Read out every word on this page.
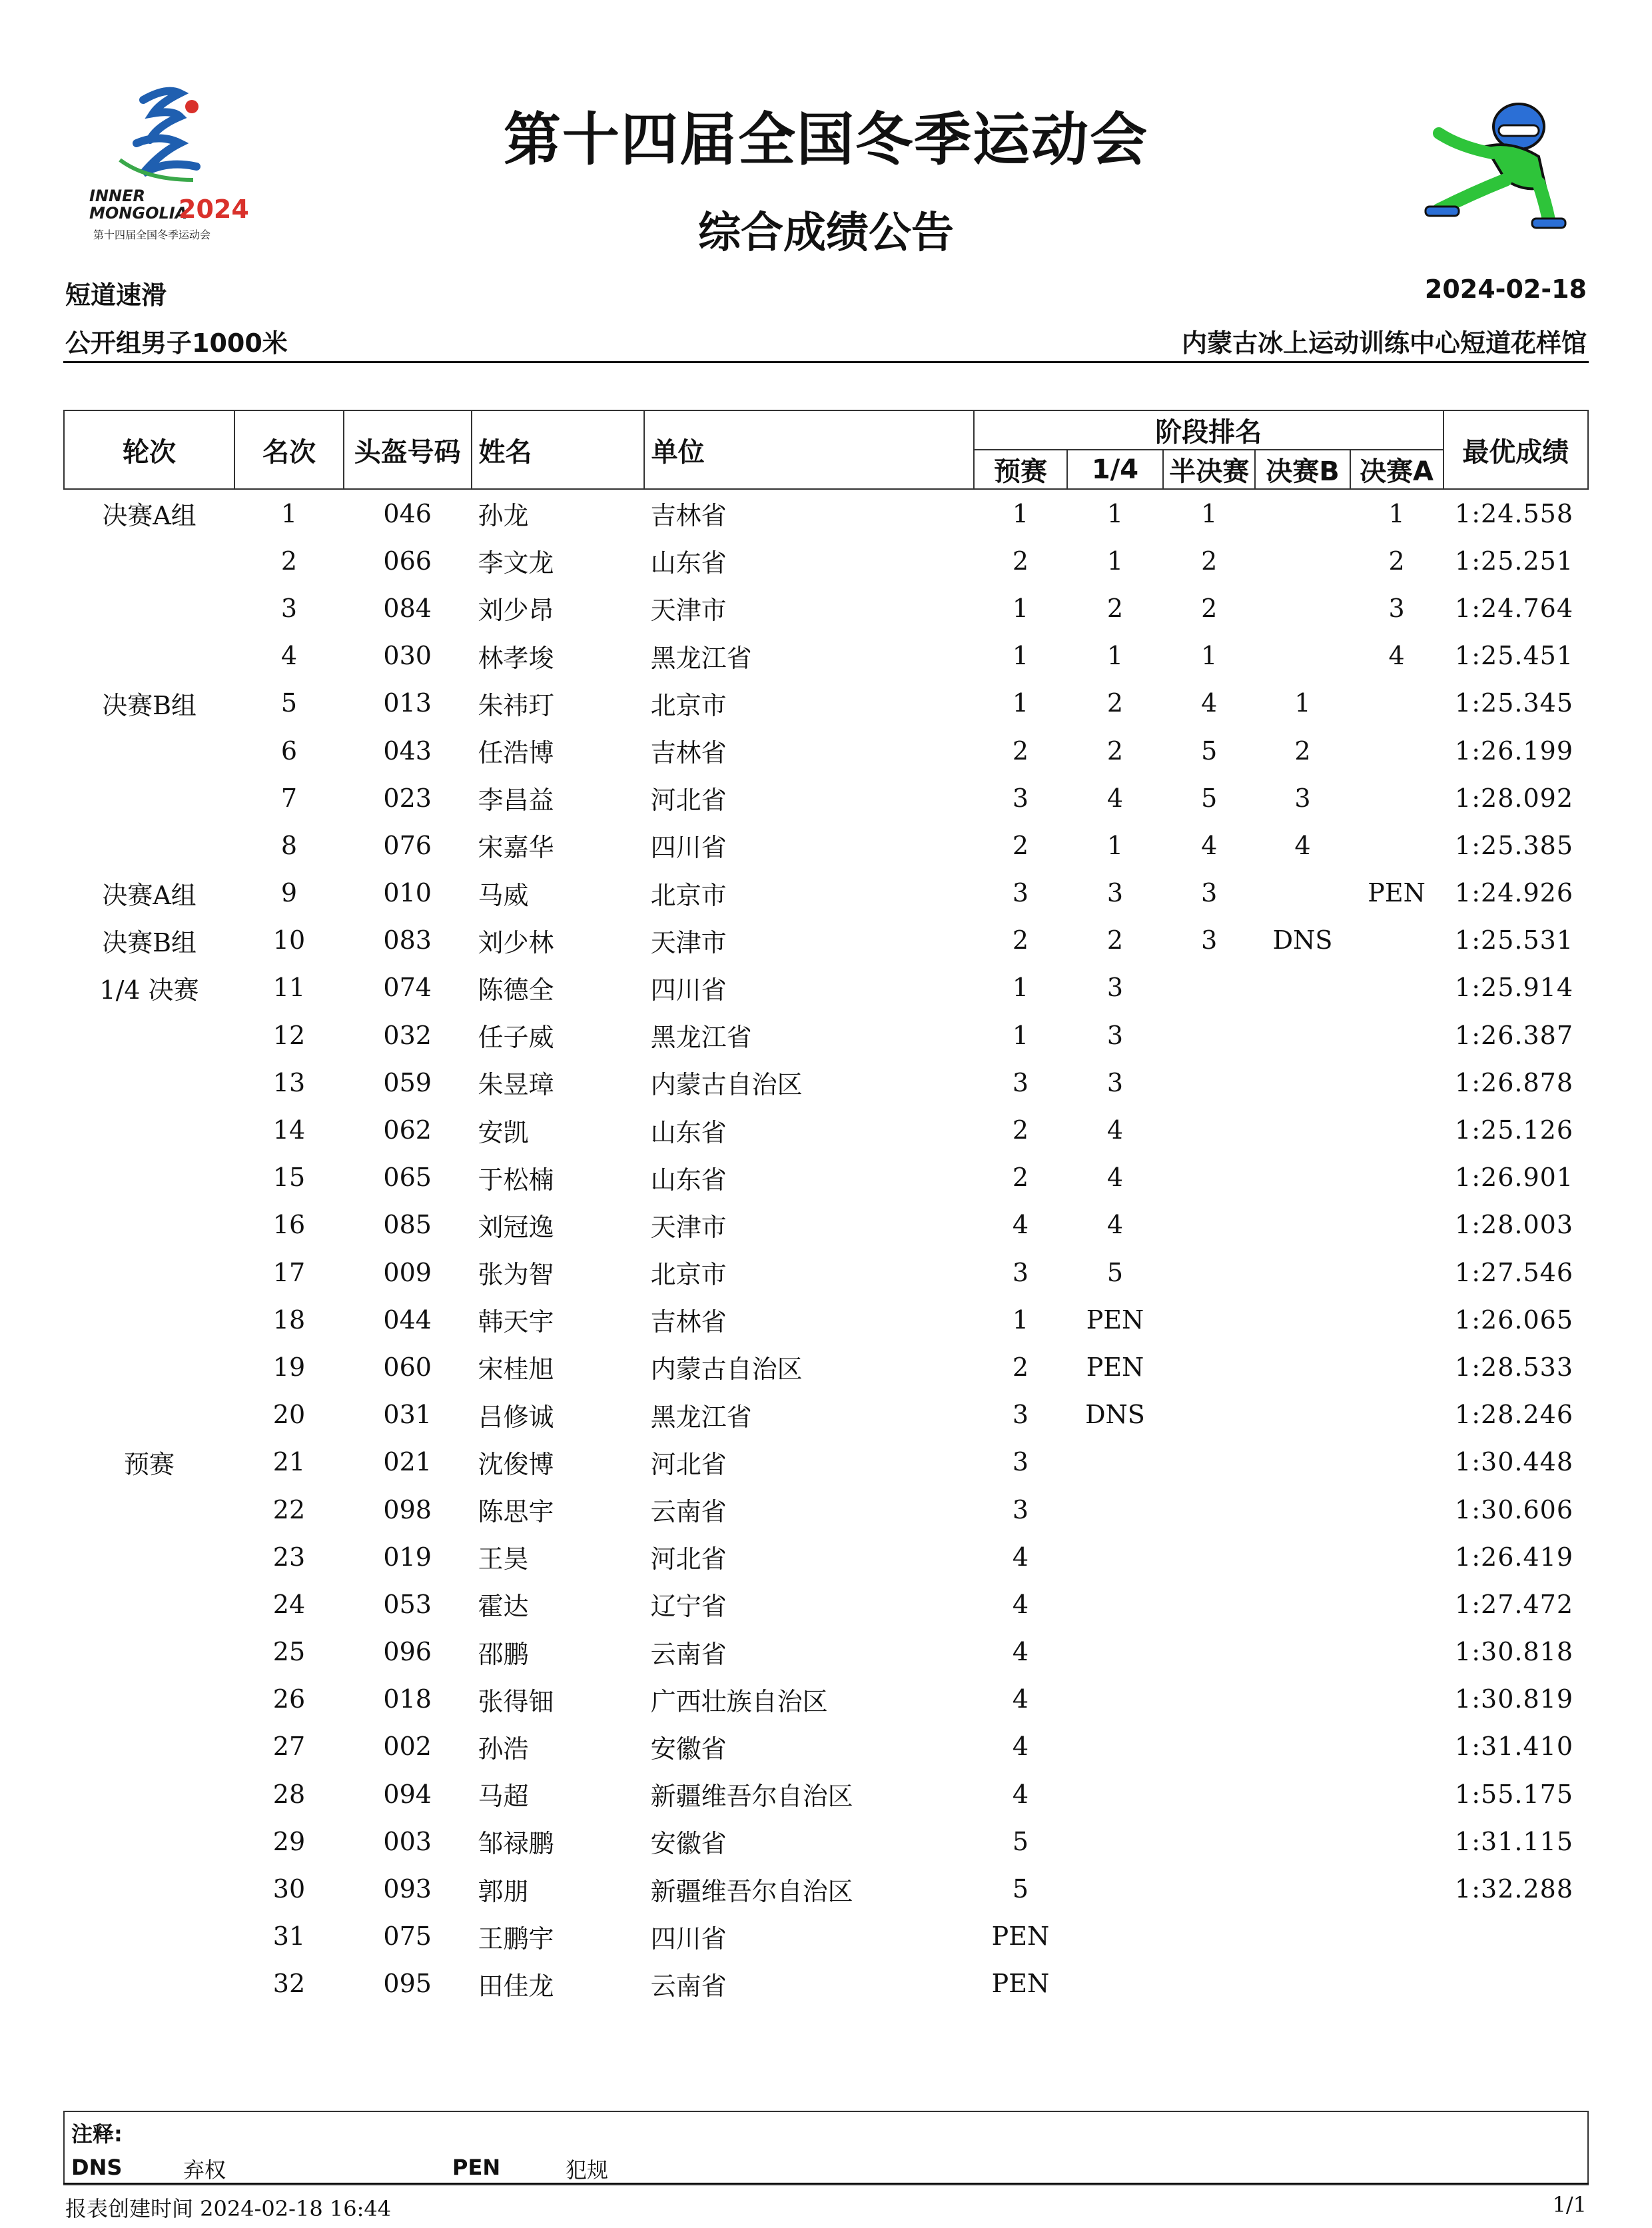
INNER
MONGOLIA
2024
第十四届全国冬季运动会
第十四届全国冬季运动会
综合成绩公告
短道速滑
公开组男子1000米
2024-02-18
内蒙古冰上运动训练中心短道花样馆
轮次	名次	头盔号码	姓名	单位	阶段排名					最优成绩
					预赛	1/4	半决赛	决赛B	决赛A	
决赛A组	1	046	孙龙	吉林省	1	1	1		1	1:24.558
	2	066	李文龙	山东省	2	1	2		2	1:25.251
	3	084	刘少昂	天津市	1	2	2		3	1:24.764
	4	030	林孝埈	黑龙江省	1	1	1		4	1:25.451
决赛B组	5	013	朱祎玎	北京市	1	2	4	1		1:25.345
	6	043	任浩博	吉林省	2	2	5	2		1:26.199
	7	023	李昌益	河北省	3	4	5	3		1:28.092
	8	076	宋嘉华	四川省	2	1	4	4		1:25.385
决赛A组	9	010	马威	北京市	3	3	3		PEN	1:24.926
决赛B组	10	083	刘少林	天津市	2	2	3	DNS		1:25.531
1/4 决赛	11	074	陈德全	四川省	1	3				1:25.914
	12	032	任子威	黑龙江省	1	3				1:26.387
	13	059	朱昱璋	内蒙古自治区	3	3				1:26.878
	14	062	安凯	山东省	2	4				1:25.126
	15	065	于松楠	山东省	2	4				1:26.901
	16	085	刘冠逸	天津市	4	4				1:28.003
	17	009	张为智	北京市	3	5				1:27.546
	18	044	韩天宇	吉林省	1	PEN				1:26.065
	19	060	宋桂旭	内蒙古自治区	2	PEN				1:28.533
	20	031	吕修诚	黑龙江省	3	DNS				1:28.246
预赛	21	021	沈俊博	河北省	3					1:30.448
	22	098	陈思宇	云南省	3					1:30.606
	23	019	王昊	河北省	4					1:26.419
	24	053	霍达	辽宁省	4					1:27.472
	25	096	邵鹏	云南省	4					1:30.818
	26	018	张得钿	广西壮族自治区	4					1:30.819
	27	002	孙浩	安徽省	4					1:31.410
	28	094	马超	新疆维吾尔自治区	4					1:55.175
	29	003	邹禄鹏	安徽省	5					1:31.115
	30	093	郭朋	新疆维吾尔自治区	5					1:32.288
	31	075	王鹏宇	四川省	PEN					
	32	095	田佳龙	云南省	PEN					
注释:
DNS	弃权	PEN	犯规
报表创建时间 2024-02-18 16:44	1/1
